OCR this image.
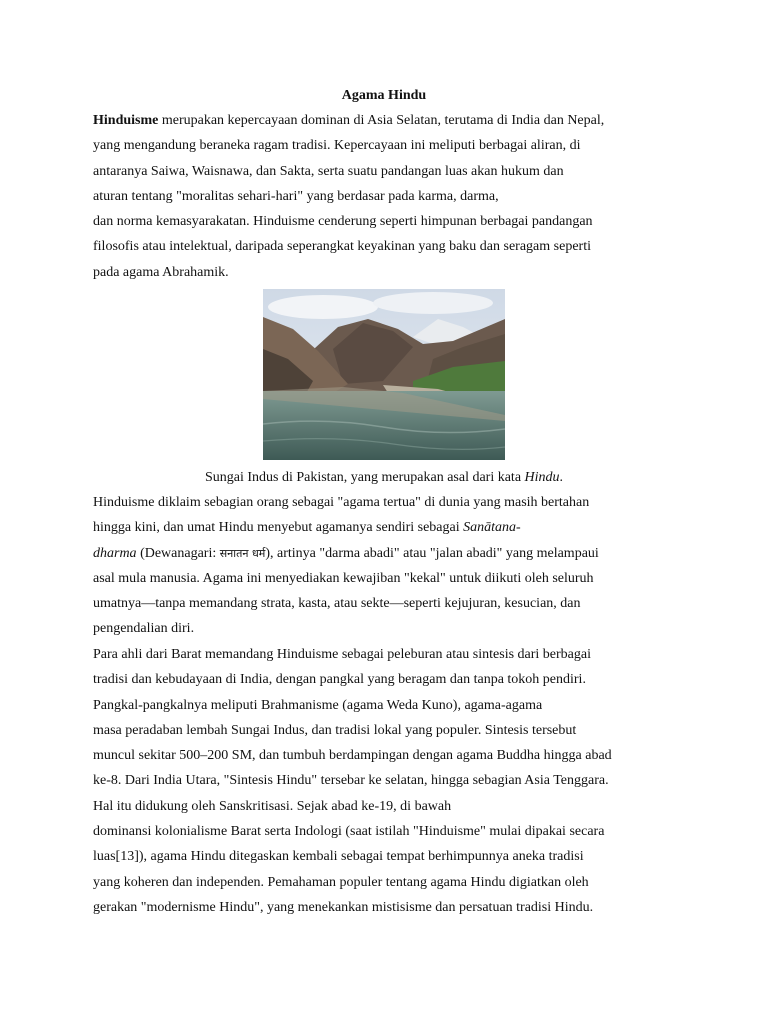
Agama Hindu
Hinduisme merupakan kepercayaan dominan di Asia Selatan, terutama di India dan Nepal,
yang mengandung beraneka ragam tradisi. Kepercayaan ini meliputi berbagai aliran, di
antaranya Saiwa, Waisnawa, dan Sakta, serta suatu pandangan luas akan hukum dan
aturan tentang "moralitas sehari-hari" yang berdasar pada karma, darma,
dan norma kemasyarakatan. Hinduisme cenderung seperti himpunan berbagai pandangan
filosofis atau intelektual, daripada seperangkat keyakinan yang baku dan seragam seperti
pada agama Abrahamik.
Sungai Indus di Pakistan, yang merupakan asal dari kata Hindu.
Hinduisme diklaim sebagian orang sebagai "agama tertua" di dunia yang masih bertahan
hingga kini, dan umat Hindu menyebut agamanya sendiri sebagai Sanātana-
dharma (Dewanagari: सनातन धर्म), artinya "darma abadi" atau "jalan abadi" yang melampaui
asal mula manusia. Agama ini menyediakan kewajiban "kekal" untuk diikuti oleh seluruh
umatnya—tanpa memandang strata, kasta, atau sekte—seperti kejujuran, kesucian, dan
pengendalian diri.
Para ahli dari Barat memandang Hinduisme sebagai peleburan atau sintesis dari berbagai
tradisi dan kebudayaan di India, dengan pangkal yang beragam dan tanpa tokoh pendiri.
Pangkal-pangkalnya meliputi Brahmanisme (agama Weda Kuno), agama-agama
masa peradaban lembah Sungai Indus, dan tradisi lokal yang populer. Sintesis tersebut
muncul sekitar 500–200 SM, dan tumbuh berdampingan dengan agama Buddha hingga abad
ke-8. Dari India Utara, "Sintesis Hindu" tersebar ke selatan, hingga sebagian Asia Tenggara.
Hal itu didukung oleh Sanskritisasi. Sejak abad ke-19, di bawah
dominansi kolonialisme Barat serta Indologi (saat istilah "Hinduisme" mulai dipakai secara
luas[13]), agama Hindu ditegaskan kembali sebagai tempat berhimpunnya aneka tradisi
yang koheren dan independen. Pemahaman populer tentang agama Hindu digiatkan oleh
gerakan "modernisme Hindu", yang menekankan mistisisme dan persatuan tradisi Hindu.
